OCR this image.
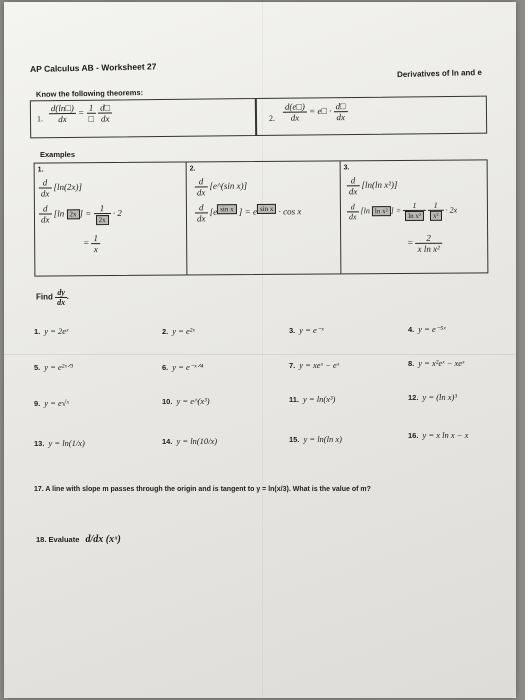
AP Calculus AB - Worksheet 27	Derivatives of ln and e
Know the following theorems:
1. $\frac{d(\ln□)}{dx} = \frac{1}{□}$
$\frac{d□}{dx}$	2. $\frac{d(e□)}{dx}$ = e□ · $\frac{d□}{dx}$
Examples
1.
$\frac{d}{dx} [\ln(2x)]$
$\frac{d}{dx} [\ln$ 2x ] = $\frac{1}{2x} \cdot 2$
= $\frac{1}{x}$
2.
$\frac{d}{dx}$ [e^(sin x)]
$\frac{d}{dx} [e$ $^{sin x}$ ] = e $^{sin x}$ · cos x
3.
$\frac{d}{dx} [\ln(\ln$ x²)]
$\frac{d}{dx} [\ln$ ln x² ] = $\frac{1}{\text{ln x²}}$
$\frac{1}{\text{x²}} \cdot 2x$
= $\frac{2}{\text{x ln x²}}$
Find $\frac{dy}{dx}$ .
1. y = 2eˣ	2. y = e²ˣ	3. y = e⁻ˣ	4. y = e⁻⁵ˣ
5. y = e²ˣᐟ³	6. y = e⁻ˣᐟ⁴	7. y = xeˣ − eˣ	8. y = x²eˣ − xeˣ
9. y = e√ˣ	10. y = e^(x³)	11. y = ln(x³)	12. y = (ln x)³
13. y = ln(1/x)	14. y = ln(10/x)	15. y = ln(ln x)	16. y = x ln x − x
17. A line with slope m passes through the origin and is tangent to y = ln(x/3). What is the value of m?
18. Evaluate d/dx (xˣ)
